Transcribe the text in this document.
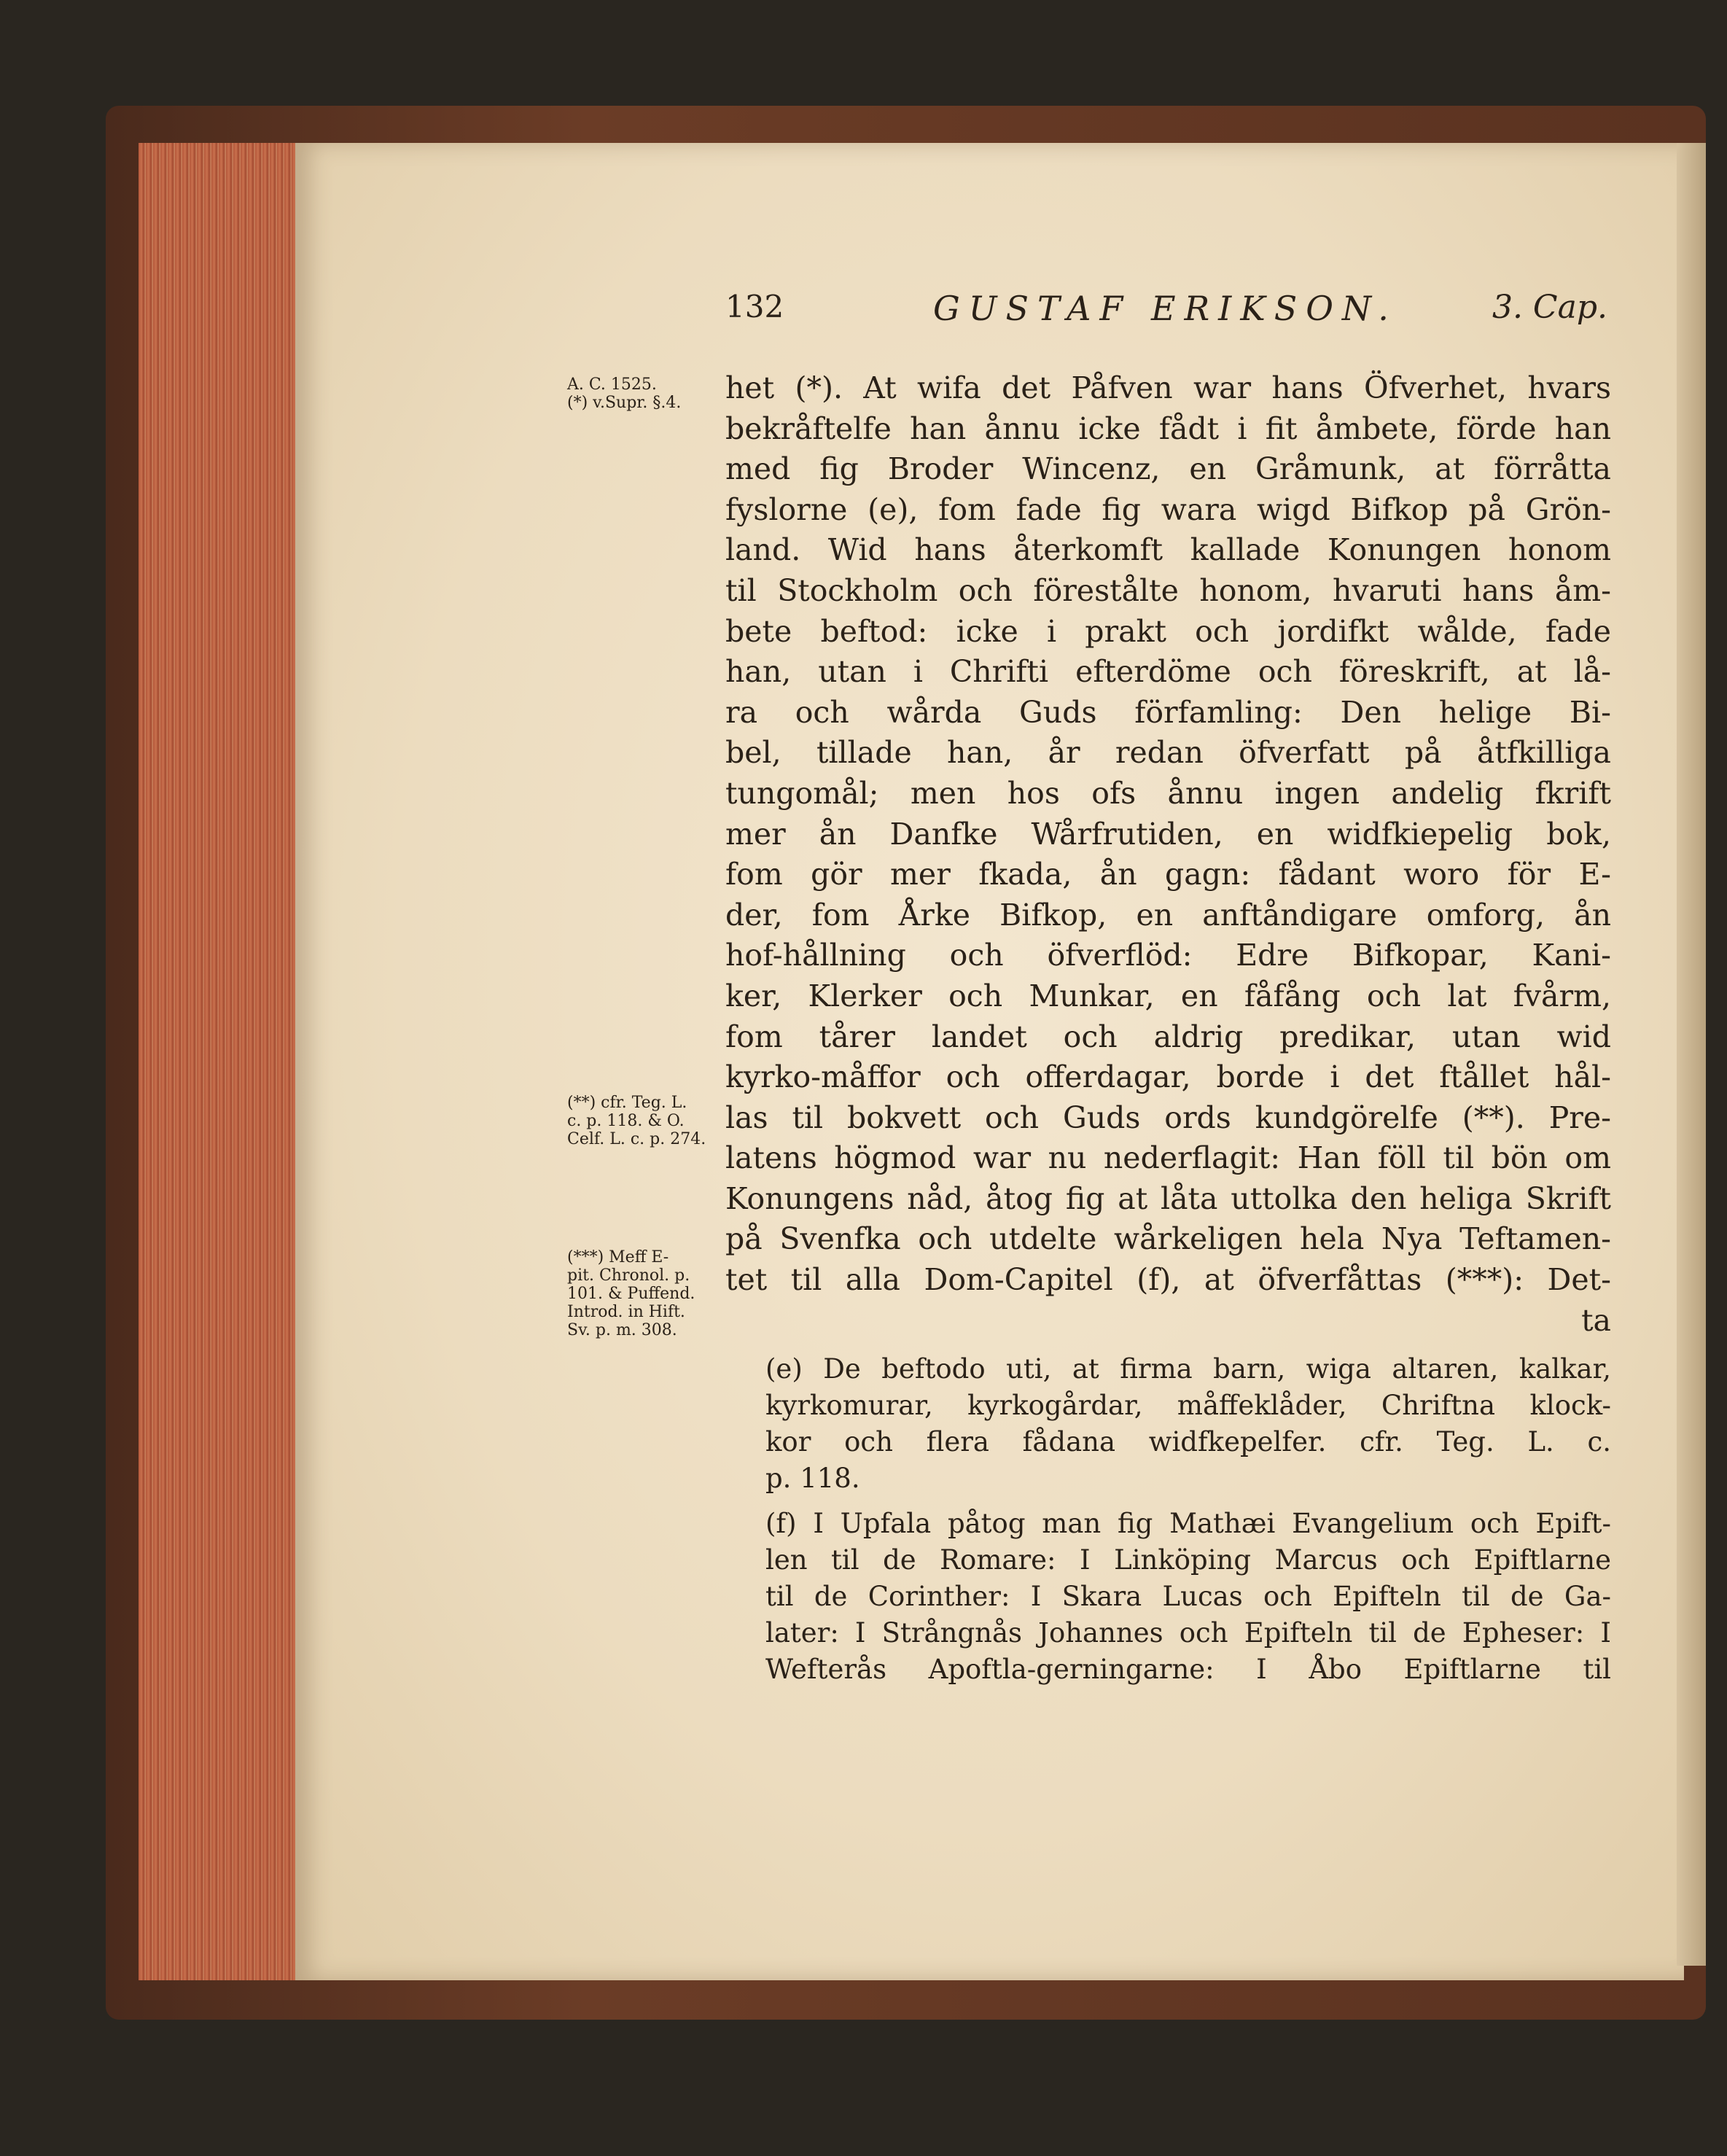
132	GUSTAF ERIKSON.	3. Cap.
A. C. 1525.
(*) v.Supr. §.4.
(**) cfr. Teg. L.
c. p. 118. & O.
Celf. L. c. p. 274.
(***) Meff E-
pit. Chronol. p.
101. & Puffend.
Introd. in Hift.
Sv. p. m. 308.
het (*). At wifa det Påfven war hans Öfverhet, hvars
bekråftelfe han ånnu icke fådt i fit åmbete, förde han
med fig Broder Wincenz, en Gråmunk, at förråtta
fyslorne (e), fom fade fig wara wigd Bifkop på Grön-
land. Wid hans återkomft kallade Konungen honom
til Stockholm och förestålte honom, hvaruti hans åm-
bete beftod: icke i prakt och jordifkt wålde, fade
han, utan i Chrifti efterdöme och föreskrift, at lå-
ra och wårda Guds förfamling: Den helige Bi-
bel, tillade han, år redan öfverfatt på åtfkilliga
tungomål; men hos ofs ånnu ingen andelig fkrift
mer ån Danfke Wårfrutiden, en widfkiepelig bok,
fom gör mer fkada, ån gagn: fådant woro för E-
der, fom Årke Bifkop, en anftåndigare omforg, ån
hof-hållning och öfverflöd: Edre Bifkopar, Kani-
ker, Klerker och Munkar, en fåfång och lat fvårm,
fom tårer landet och aldrig predikar, utan wid
kyrko-måffor och offerdagar, borde i det ftållet hål-
las til bokvett och Guds ords kundgörelfe (**). Pre-
latens högmod war nu nederflagit: Han föll til bön om
Konungens nåd, åtog fig at låta uttolka den heliga Skrift
på Svenfka och utdelte wårkeligen hela Nya Teftamen-
tet til alla Dom-Capitel (f), at öfverfåttas (***): Det-
ta
(e) De beftodo uti, at firma barn, wiga altaren, kalkar,
kyrkomurar, kyrkogårdar, måffeklåder, Chriftna klock-
kor och flera fådana widfkepelfer. cfr. Teg. L. c.
p. 118.
(f) I Upfala påtog man fig Mathæi Evangelium och Epift-
len til de Romare: I Linköping Marcus och Epiftlarne
til de Corinther: I Skara Lucas och Epifteln til de Ga-
later: I Strångnås Johannes och Epifteln til de Epheser: I
Wefterås Apoftla-gerningarne: I Åbo Epiftlarne til
